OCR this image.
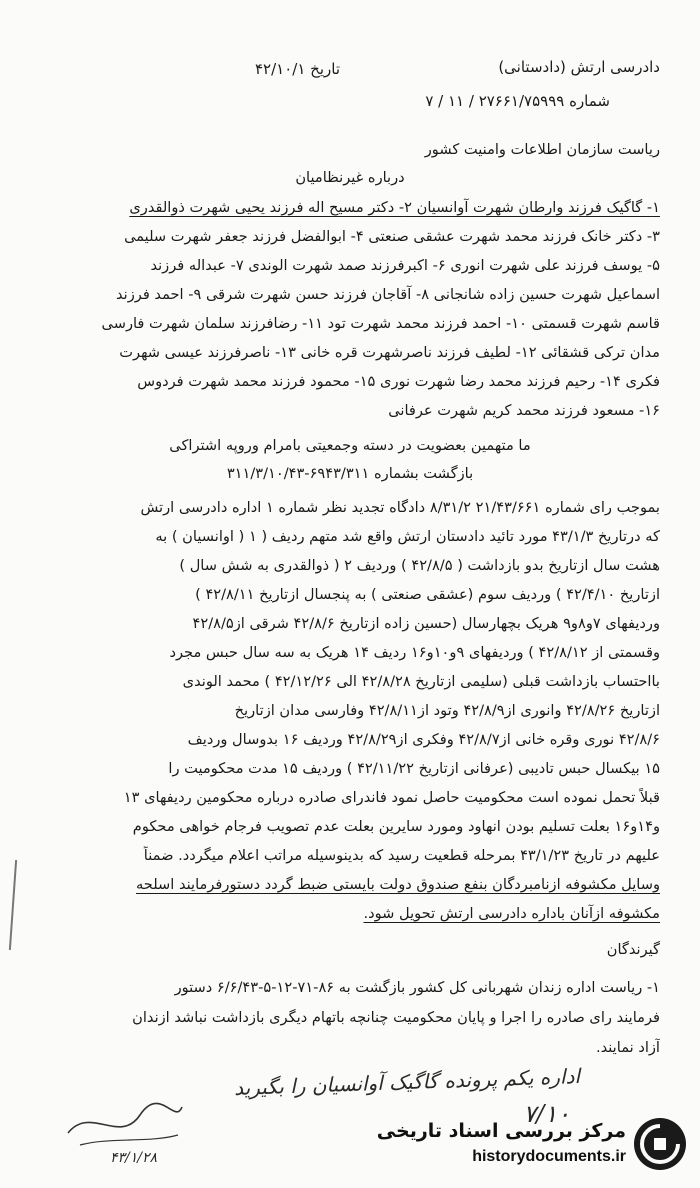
تاریخ ۴۲/۱۰/۱	دادرسی ارتش (دادستانی)
شماره ۲۷۶۶۱/۷۵۹۹۹ / ۱۱ / ۷
ریاست سازمان اطلاعات وامنیت کشور
درباره غیرنظامیان
۱- گاگیک فرزند وارطان شهرت آوانسیان ۲- دکتر مسیح اله فرزند یحیی شهرت ذوالقدری
۳- دکتر خانک فرزند محمد شهرت عشقی صنعتی ۴- ابوالفضل فرزند جعفر شهرت سلیمی
۵- یوسف فرزند علی شهرت انوری ۶- اکبرفرزند صمد شهرت الوندی ۷- عبداله فرزند
اسماعیل شهرت حسین زاده شانجانی ۸- آقاجان فرزند حسن شهرت شرقی ۹- احمد فرزند
قاسم شهرت قسمتی ۱۰- احمد فرزند محمد شهرت تود ۱۱- رضافرزند سلمان شهرت فارسی
مدان ترکی قشقائی ۱۲- لطیف فرزند ناصرشهرت قره خانی ۱۳- ناصرفرزند عیسی شهرت
فکری ۱۴- رحیم فرزند محمد رضا شهرت نوری ۱۵- محمود فرزند محمد شهرت فردوس
۱۶- مسعود فرزند محمد کریم شهرت عرفانی
ما متهمین بعضویت در دسته وجمعیتی بامرام وروپه اشتراکی
بازگشت بشماره ۶۹۴۳/۳۱۱-۳۱۱/۳/۱۰/۴۳
بموجب رای شماره ۲۱/۴۳/۶۶۱ ۸/۳۱/۲ دادگاه تجدید نظر شماره ۱ اداره دادرسی ارتش
که درتاریخ ۴۳/۱/۳ مورد تائید دادستان ارتش واقع شد متهم ردیف ( ۱ ( اوانسیان ) به
هشت سال ازتاریخ بدو بازداشت ( ۴۲/۸/۵ ) وردیف ۲ ( ذوالقدری به شش سال )
ازتاریخ ۴۲/۴/۱۰ ) وردیف سوم (عشقی صنعتی ) به پنجسال ازتاریخ ۴۲/۸/۱۱ )
وردیفهای ۷و۸و۹ هریک بچهارسال (حسین زاده ازتاریخ ۴۲/۸/۶ شرقی از۴۲/۸/۵
وقسمتی از ۴۲/۸/۱۲ ) وردیفهای ۹و۱۰و۱۶ ردیف ۱۴ هریک به سه سال حبس مجرد
بااحتساب بازداشت قبلی (سلیمی ازتاریخ ۴۲/۸/۲۸ الی ۴۲/۱۲/۲۶ ) محمد الوندی
ازتاریخ ۴۲/۸/۲۶ وانوری از۴۲/۸/۹ وتود از۴۲/۸/۱۱ وفارسی مدان ازتاریخ
۴۲/۸/۶ نوری وقره خانی از۴۲/۸/۷ وفکری از۴۲/۸/۲۹ وردیف ۱۶ بدوسال وردیف
۱۵ بیکسال حبس تادیبی (عرفانی ازتاریخ ۴۲/۱۱/۲۲ ) وردیف ۱۵ مدت محکومیت را
قبلاً تحمل نموده است محکومیت حاصل نمود فاندرای صادره درباره محکومین ردیفهای ۱۳
و۱۴و۱۶ بعلت تسلیم بودن انهاود ومورد سایرین بعلت عدم تصویب فرجام خواهی محکوم
علیهم در تاریخ ۴۳/۱/۲۳ بمرحله قطعیت رسید که بدینوسیله مراتب اعلام میگردد. ضمناً
وسایل مکشوفه ازنامبردگان بنفع صندوق دولت بایستی ضبط گردد دستورفرمایند اسلحه
مکشوفه ازآنان باداره دادرسی ارتش تحویل شود.
گیرندگان
۱- ریاست اداره زندان شهربانی کل کشور بازگشت به ۸۶-۷۱-۱۲-۵-۶/۶/۴۳ دستور
فرمایند رای صادره را اجرا و پایان محکومیت چنانچه باتهام دیگری بازداشت نباشد ازندان
آزاد نمایند.
اداره یکم پرونده گاگیک آوانسیان را بگیرید
۷/۱۰
۴۳/۱/۲۸
مرکز بررسی اسناد تاریخی
historydocuments.ir
